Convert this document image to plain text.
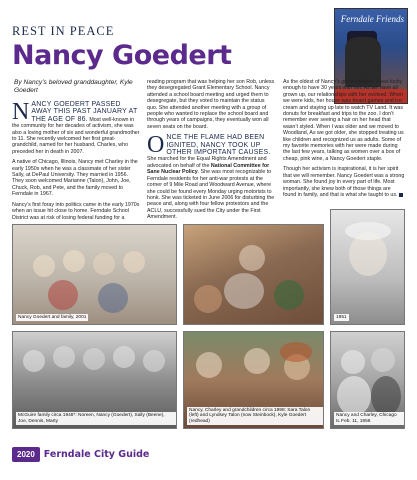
REST IN PEACE
Nancy Goedert
By Nancy’s beloved granddaughter, Kyle Goedert
Ferndale Friends

N ANCY GOEDERT PASSED AWAY THIS PAST JANUARY AT THE AGE OF 86. Most well-known in the community for her decades of activism, she was also a loving mother of six and wonderful grandmother to 11. She recently welcomed her first great-grandchild, named for her husband, Charles, who preceded her in death in 2007.

A native of Chicago, Illinois, Nancy met Charley in the early 1950s when he was a classmate of her sister Sally, at DePaul University. They married in 1956. They soon welcomed Marianne (Talon), John, Joe, Chuck, Rob, and Pete, and the family moved to Ferndale in 1967.

Nancy’s first foray into politics came in the early 1970s when an issue hit close to home. Ferndale School District was at risk of losing federal funding for a

reading program that was helping her son Rob, unless they desegregated Grant Elementary School. Nancy attended a school board meeting and urged them to desegregate, but they voted to maintain the status quo. She attended another meeting with a group of people who wanted to replace the school board and through years of campaigns, they eventually won all seven seats on the board.

O NCE THE FLAME HAD BEEN IGNITED, NANCY TOOK UP OTHER IMPORTANT CAUSES. She marched for the Equal Rights Amendment and advocated on behalf of the National Committee for Sane Nuclear Policy. She was most recognizable to Ferndale residents for her anti-war protests at the corner of 9 Mile Road and Woodward Avenue, where she could be found every Monday urging motorists to honk. She was ticketed in June 2006 for disturbing the peace and, along with four fellow protestors and the ACLU, successfully sued the City under the First Amendment.

As the oldest of Nancy’s grandchildren, I was lucky enough to have 30 years with her. As we have all grown up, our relationships with her evolved. When we were kids, her house was board games and ice cream and staying up late to watch TV Land. It was donuts for breakfast and trips to the zoo. I don’t remember ever seeing a hair on her head that wasn’t styled. When I was older and we moved to Woodland, As we got older, she stopped treating us like children and recognized us as adults. Some of my favorite memories with her were made during the last few years, talking as women over a box of cheap, pink wine, a Nancy Goedert staple.

Though her activism is inspirational, it is her spirit that we will remember. Nancy Goedert was a strong woman. She found joy in every part of life. Most importantly, she knew both of those things are found in family, and that is what she taught to us.

Nancy Goedert and family, 2001	1951
McGuire family circa 1948*: Noreen, Nancy (Goedert), Sally (Beene), Joe, Dennis, Marty
Nancy, Charley and grandchildren circa 1998: Sara Talon (left) and Lyndsey Talon (now Steinbock), Kyle Goedert (redhead)
Nancy and Charley, Chicago IL Feb. 11, 1956
2020 Ferndale City Guide
